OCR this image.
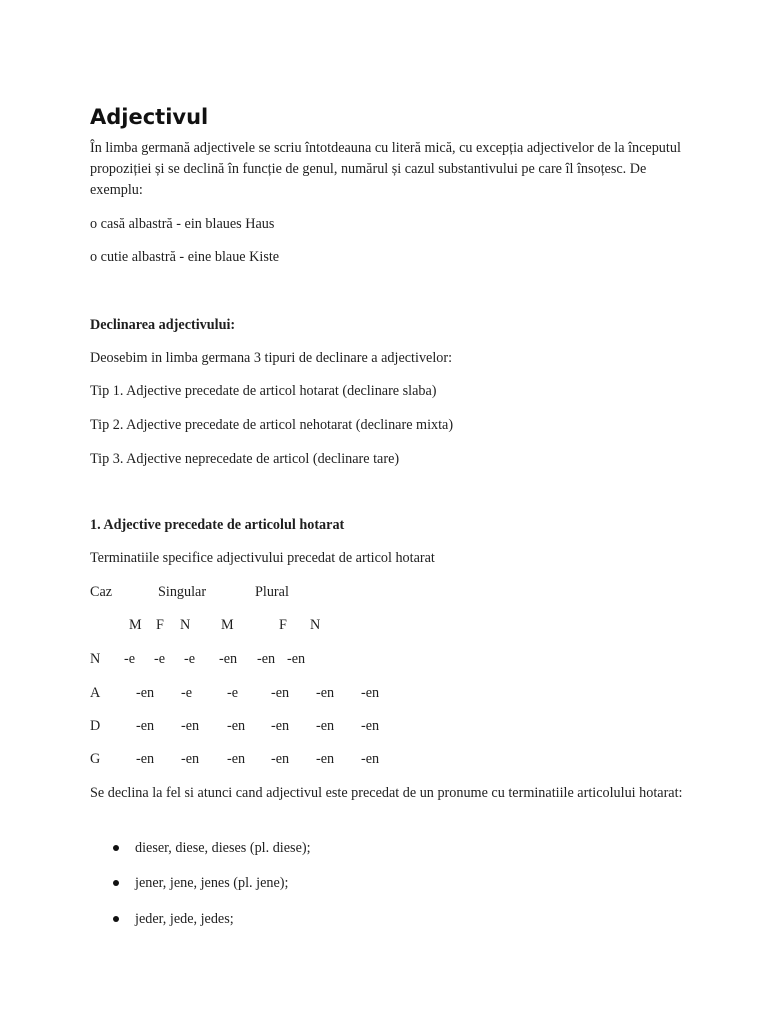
Adjectivul
În limba germană adjectivele se scriu întotdeauna cu literă mică, cu excepția adjectivelor de la începutul propoziției și se declină în funcție de genul, numărul și cazul substantivului pe care îl însoțesc. De exemplu:
o casă albastră - ein blaues Haus
o cutie albastră - eine blaue Kiste
Declinarea adjectivului:
Deosebim in limba germana 3 tipuri de declinare a adjectivelor:
Tip 1. Adjective precedate de articol hotarat (declinare slaba)
Tip 2. Adjective precedate de articol nehotarat (declinare mixta)
Tip 3. Adjective neprecedate de articol (declinare tare)
1. Adjective precedate de articolul hotarat
Terminatiile specifice adjectivului precedat de articol hotarat
Caz	Singular	Plural
M F N M	F N
N -e -e -e -en -en -en
A	-en -e -e -en -en -en
D	-en -en -en -en -en -en
G	-en -en -en -en -en -en
Se declina la fel si atunci cand adjectivul este precedat de un pronume cu terminatiile articolului hotarat:
dieser, diese, dieses (pl. diese);
jener, jene, jenes (pl. jene);
jeder, jede, jedes;
